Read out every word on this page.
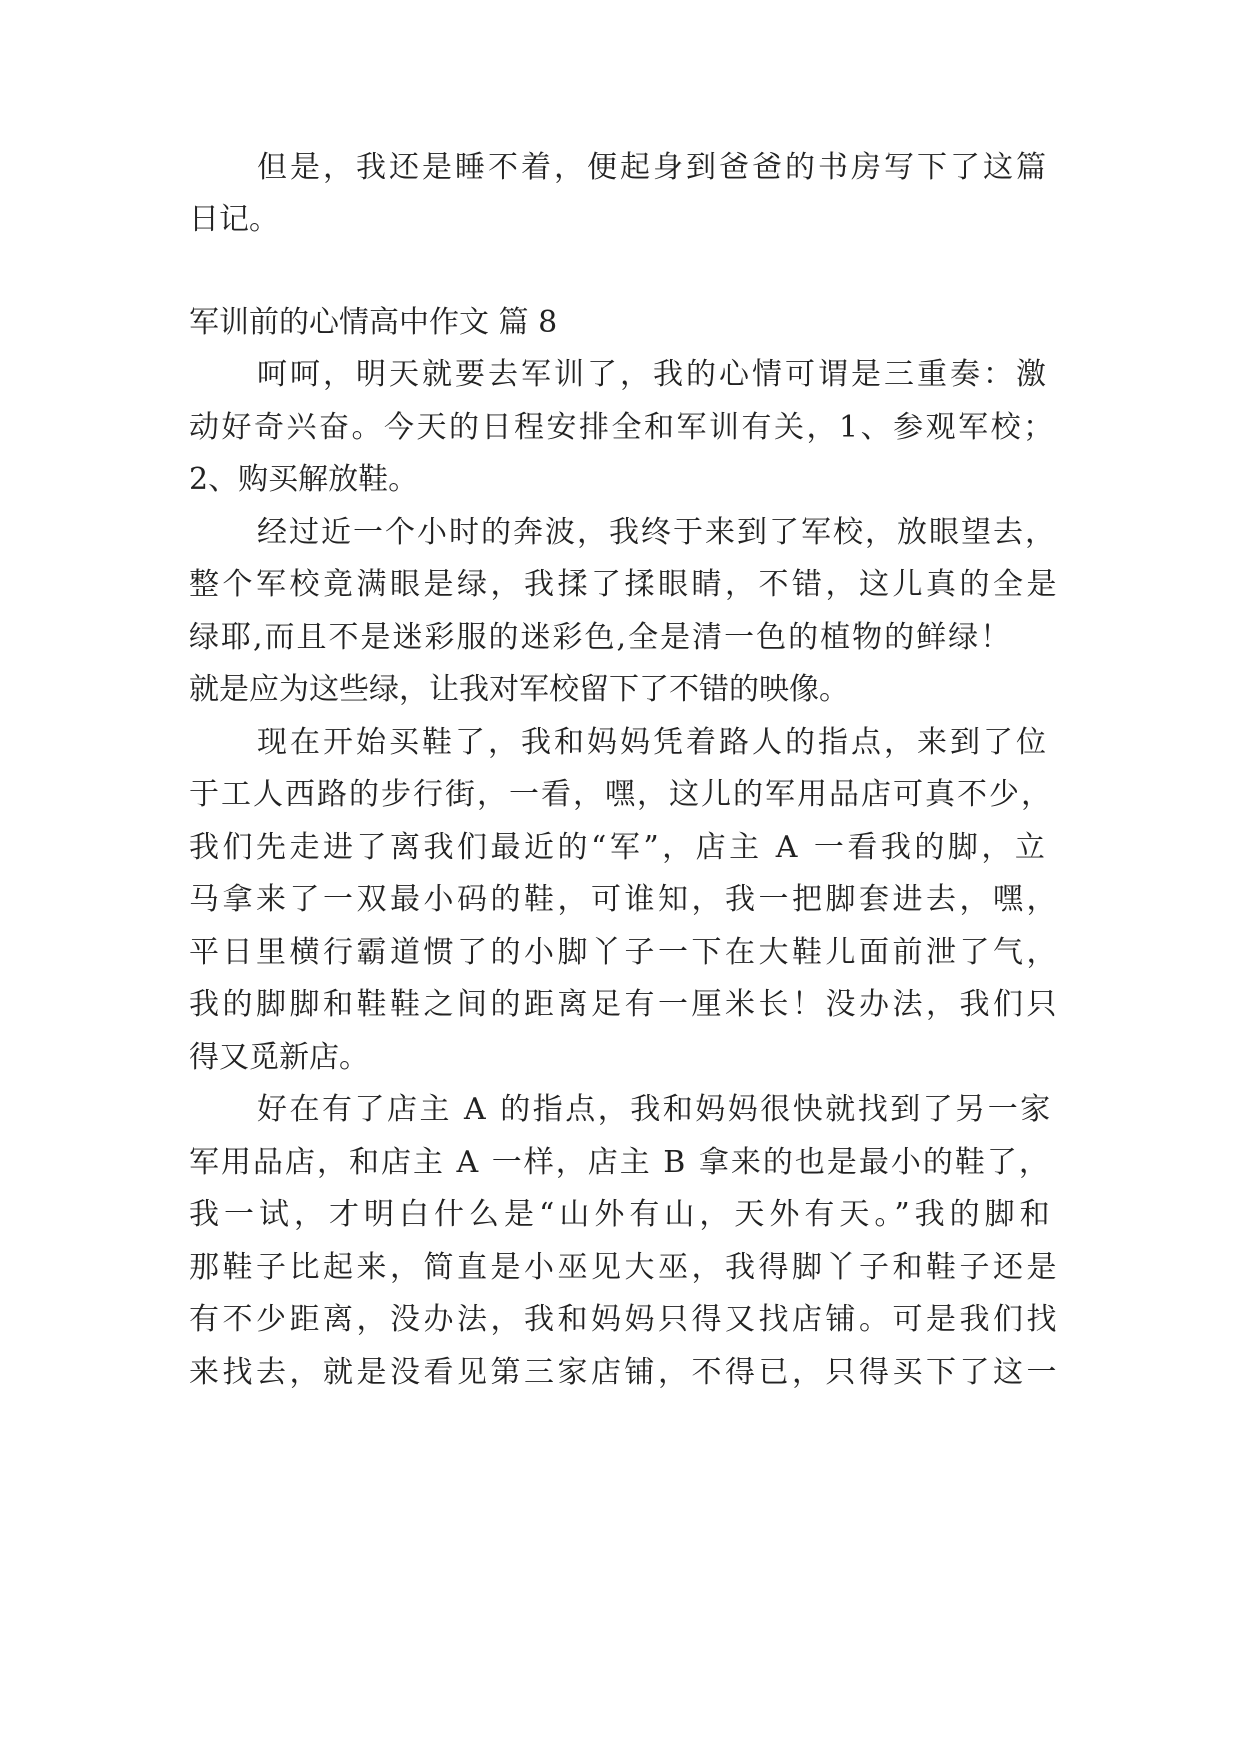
但是，我还是睡不着，便起身到爸爸的书房写下了这篇

日记。

军训前的心情高中作文 篇 8

呵呵，明天就要去军训了，我的心情可谓是三重奏：激

动好奇兴奋。今天的日程安排全和军训有关，1、参观军校；

2、购买解放鞋。

经过近一个小时的奔波，我终于来到了军校，放眼望去，

整个军校竟满眼是绿，我揉了揉眼睛，不错，这儿真的全是

绿耶,而且不是迷彩服的迷彩色,全是清一色的植物的鲜绿！

就是应为这些绿，让我对军校留下了不错的映像。

现在开始买鞋了，我和妈妈凭着路人的指点，来到了位

于工人西路的步行街，一看，嘿，这儿的军用品店可真不少，

我们先走进了离我们最近的“军”，店主 A 一看我的脚，立

马拿来了一双最小码的鞋，可谁知，我一把脚套进去，嘿，

平日里横行霸道惯了的小脚丫子一下在大鞋儿面前泄了气，

我的脚脚和鞋鞋之间的距离足有一厘米长！没办法，我们只

得又觅新店。

好在有了店主 A 的指点，我和妈妈很快就找到了另一家

军用品店，和店主 A 一样，店主 B 拿来的也是最小的鞋了，

我一试，才明白什么是“山外有山，天外有天。”我的脚和

那鞋子比起来，简直是小巫见大巫，我得脚丫子和鞋子还是

有不少距离，没办法，我和妈妈只得又找店铺。可是我们找

来找去，就是没看见第三家店铺，不得已，只得买下了这一
